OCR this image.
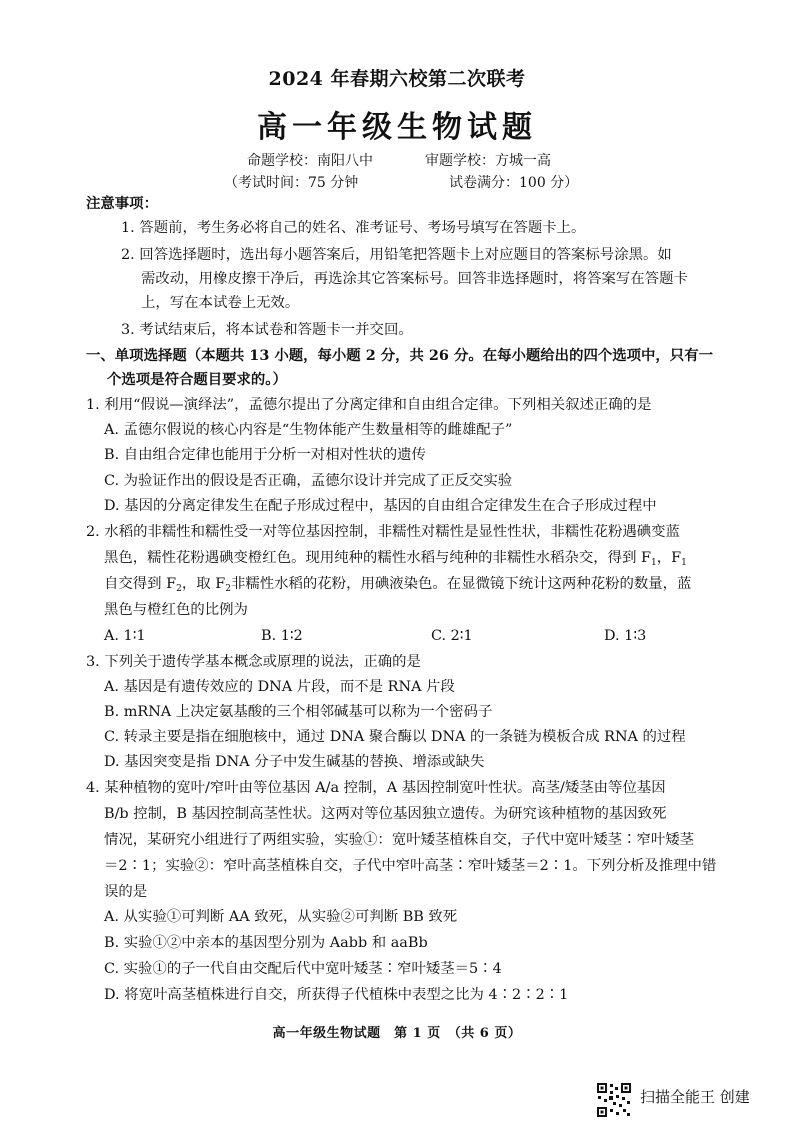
2024 年春期六校第二次联考
高一年级生物试题
命题学校：南阳八中	审题学校：方城一高
（考试时间：75 分钟	试卷满分：100 分）
注意事项：
1. 答题前，考生务必将自己的姓名、准考证号、考场号填写在答题卡上。
2. 回答选择题时，选出每小题答案后，用铅笔把答题卡上对应题目的答案标号涂黑。如
需改动，用橡皮擦干净后，再选涂其它答案标号。回答非选择题时，将答案写在答题卡
上，写在本试卷上无效。
3. 考试结束后，将本试卷和答题卡一并交回。
一、单项选择题（本题共 13 小题，每小题 2 分，共 26 分。在每小题给出的四个选项中，只有一
个选项是符合题目要求的。）
1. 利用“假说—演绎法”，孟德尔提出了分离定律和自由组合定律。下列相关叙述正确的是
A. 孟德尔假说的核心内容是“生物体能产生数量相等的雌雄配子”
B. 自由组合定律也能用于分析一对相对性状的遗传
C. 为验证作出的假设是否正确，孟德尔设计并完成了正反交实验
D. 基因的分离定律发生在配子形成过程中，基因的自由组合定律发生在合子形成过程中
2. 水稻的非糯性和糯性受一对等位基因控制，非糯性对糯性是显性性状，非糯性花粉遇碘变蓝
黑色，糯性花粉遇碘变橙红色。现用纯种的糯性水稻与纯种的非糯性水稻杂交，得到 $F_1$，$F_1$
自交得到 $F_2$，取 $F_2$非糯性水稻的花粉，用碘液染色。在显微镜下统计这两种花粉的数量，蓝
黑色与橙红色的比例为
A. 1∶1	B. 1∶2	C. 2∶1	D. 1∶3
3. 下列关于遗传学基本概念或原理的说法，正确的是
A. 基因是有遗传效应的 DNA 片段，而不是 RNA 片段
B. mRNA 上决定氨基酸的三个相邻碱基可以称为一个密码子
C. 转录主要是指在细胞核中，通过 DNA 聚合酶以 DNA 的一条链为模板合成 RNA 的过程
D. 基因突变是指 DNA 分子中发生碱基的替换、增添或缺失
4. 某种植物的宽叶/窄叶由等位基因 A/a 控制，A 基因控制宽叶性状。高茎/矮茎由等位基因
B/b 控制，B 基因控制高茎性状。这两对等位基因独立遗传。为研究该种植物的基因致死
情况，某研究小组进行了两组实验，实验①：宽叶矮茎植株自交，子代中宽叶矮茎∶窄叶矮茎
＝2∶1；实验②：窄叶高茎植株自交，子代中窄叶高茎∶窄叶矮茎＝2∶1。下列分析及推理中错
误的是
A. 从实验①可判断 AA 致死，从实验②可判断 BB 致死
B. 实验①②中亲本的基因型分别为 Aabb 和 aaBb
C. 实验①的子一代自由交配后代中宽叶矮茎∶窄叶矮茎＝5∶4
D. 将宽叶高茎植株进行自交，所获得子代植株中表型之比为 4∶2∶2∶1
高一年级生物试题　第 1 页　（共 6 页）
扫描全能王 创建
